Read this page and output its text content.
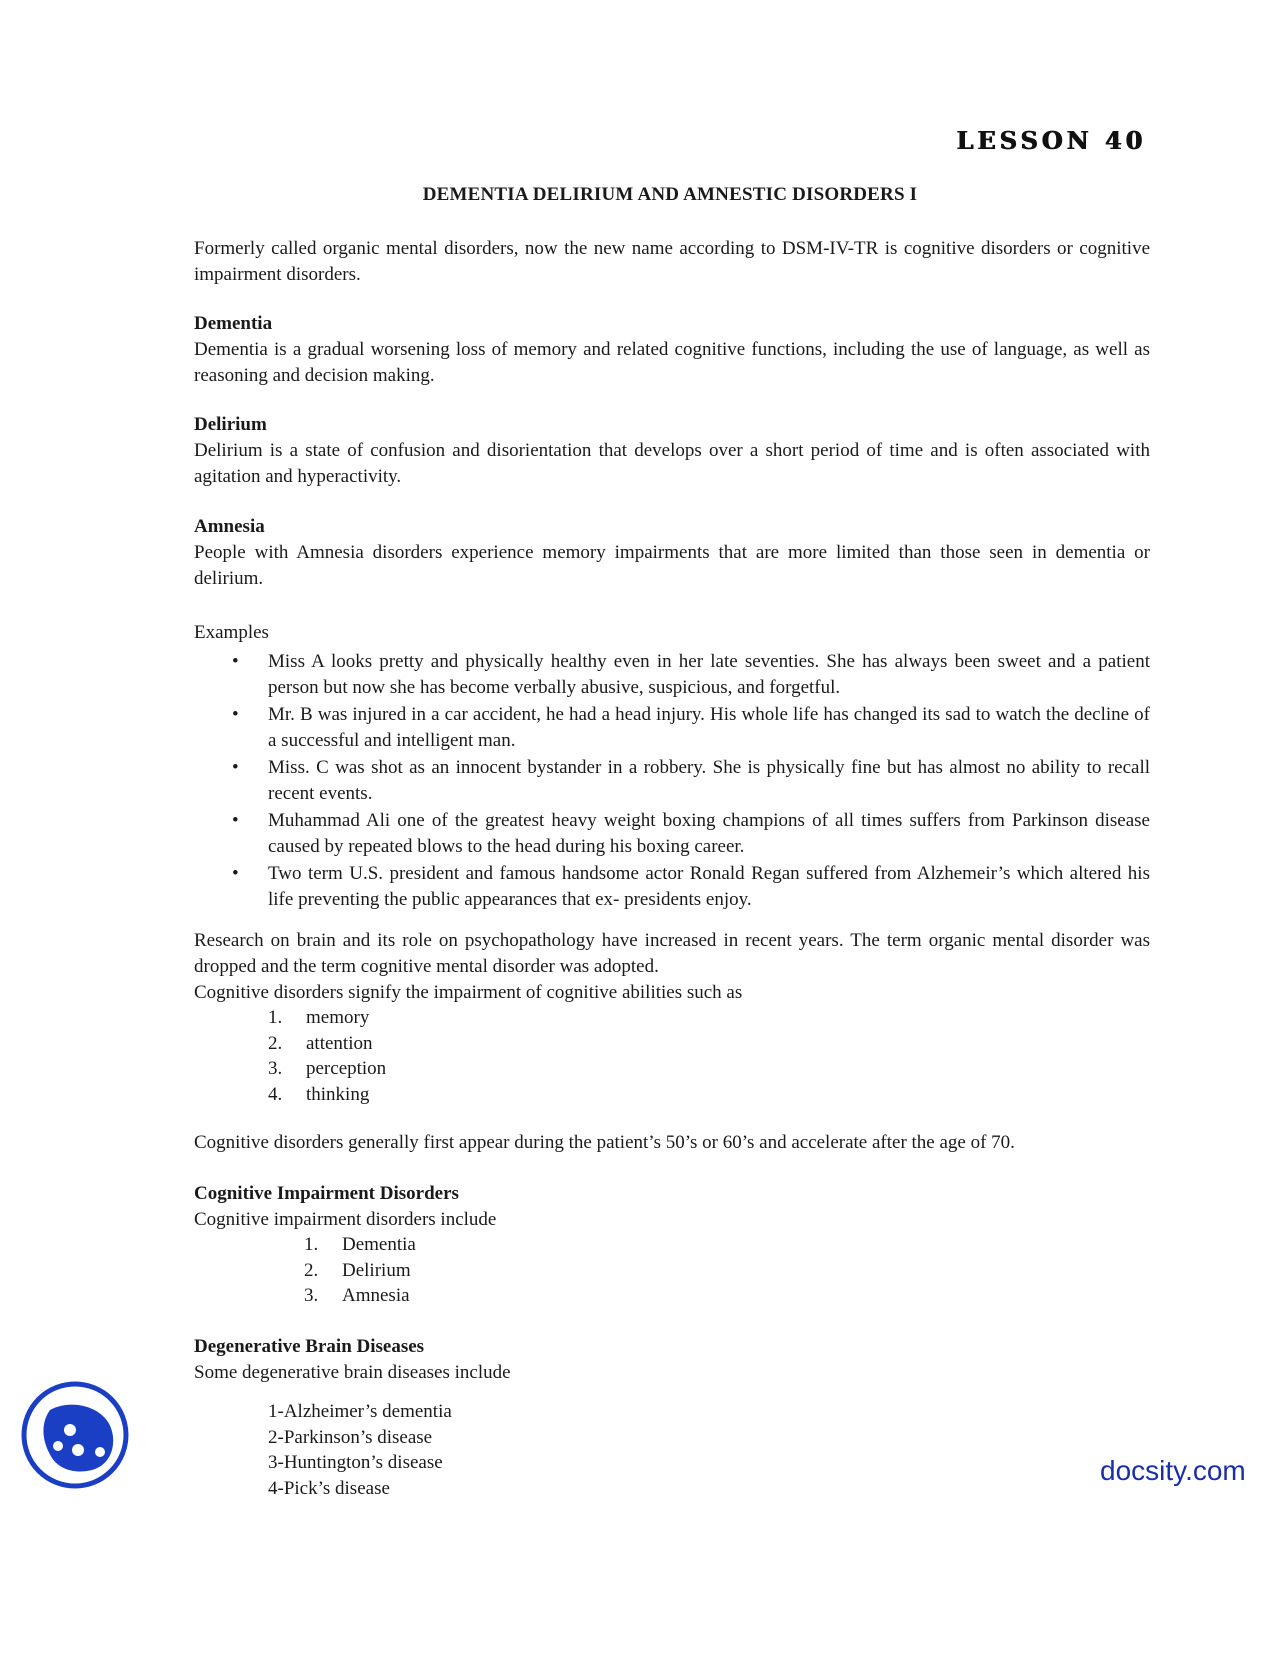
LESSON 40
DEMENTIA DELIRIUM AND AMNESTIC DISORDERS I

Formerly called organic mental disorders, now the new name according to DSM-IV-TR is cognitive disorders or cognitive impairment disorders.

Dementia

Dementia is a gradual worsening loss of memory and related cognitive functions, including the use of language, as well as reasoning and decision making.

Delirium

Delirium is a state of confusion and disorientation that develops over a short period of time and is often associated with agitation and hyperactivity.

Amnesia

People with Amnesia disorders experience memory impairments that are more limited than those seen in dementia or delirium.

Examples

• Miss A looks pretty and physically healthy even in her late seventies. She has always been sweet and a patient person but now she has become verbally abusive, suspicious, and forgetful.

• Mr. B was injured in a car accident, he had a head injury. His whole life has changed its sad to watch the decline of a successful and intelligent man.

• Miss. C was shot as an innocent bystander in a robbery. She is physically fine but has almost no ability to recall recent events.

• Muhammad Ali one of the greatest heavy weight boxing champions of all times suffers from Parkinson disease caused by repeated blows to the head during his boxing career.

• Two term U.S. president and famous handsome actor Ronald Regan suffered from Alzhemeir’s which altered his life preventing the public appearances that ex- presidents enjoy.

Research on brain and its role on psychopathology have increased in recent years. The term organic mental disorder was dropped and the term cognitive mental disorder was adopted.

Cognitive disorders signify the impairment of cognitive abilities such as

1. memory
2. attention
3. perception
4. thinking

Cognitive disorders generally first appear during the patient’s 50’s or 60’s and accelerate after the age of 70.

Cognitive Impairment Disorders

Cognitive impairment disorders include

1. Dementia
2. Delirium
3. Amnesia

Degenerative Brain Diseases

Some degenerative brain diseases include

1-Alzheimer’s dementia
2-Parkinson’s disease
3-Huntington’s disease
4-Pick’s disease
docsity.com
